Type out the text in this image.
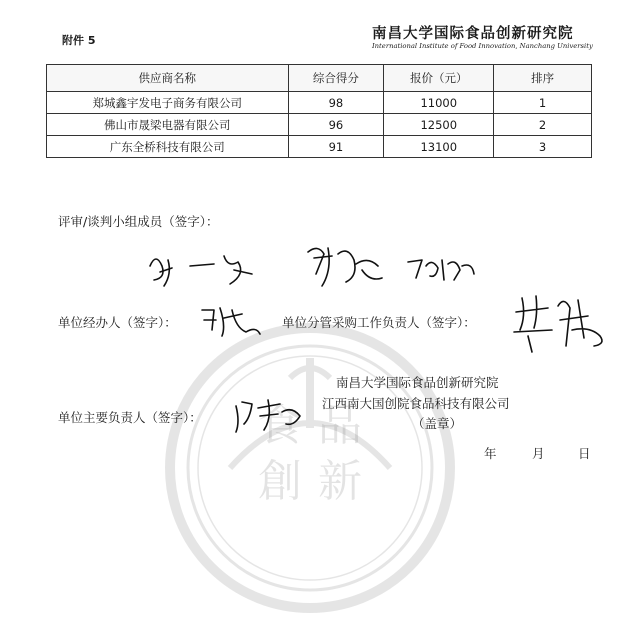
食 品
創 新
附件 5	南昌大学国际食品创新研究院
International Institute of Food Innovation, Nanchang University
供应商名称	综合得分	报价（元）	排序
郑城鑫宇发电子商务有限公司	98	11000	1
佛山市晟梁电器有限公司	96	12500	2
广东全桥科技有限公司	91	13100	3
评审/谈判小组成员（签字）：
单位经办人（签字）：	单位分管采购工作负责人（签字）：
南昌大学国际食品创新研究院
江西南大国创院食品科技有限公司
（盖章）
单位主要负责人（签字）：
年	月	日
